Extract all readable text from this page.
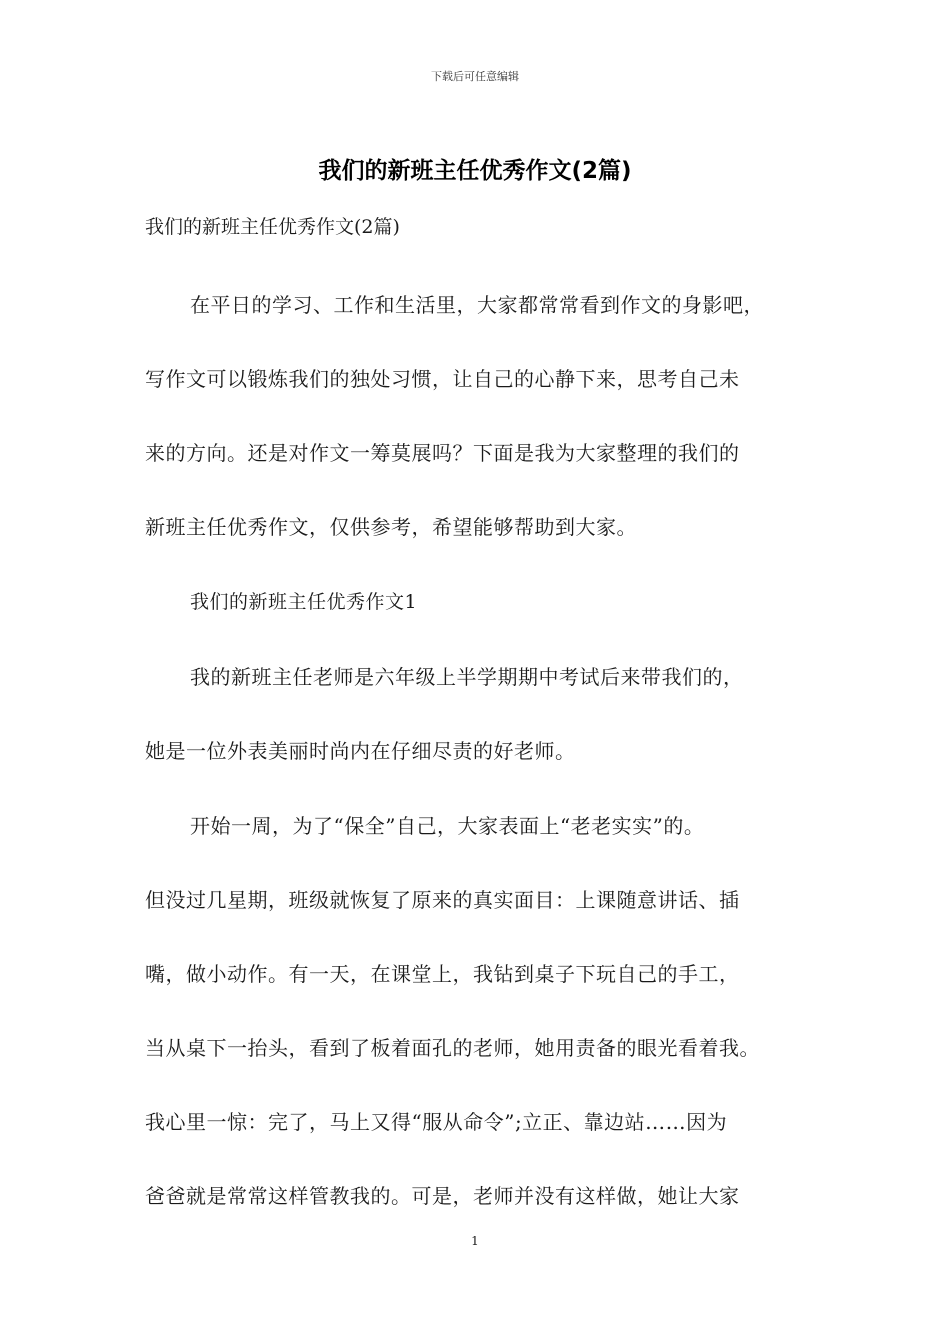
下载后可任意编辑
我们的新班主任优秀作文(2篇)
我们的新班主任优秀作文(2篇)
在平日的学习、工作和生活里，大家都常常看到作文的身影吧，
写作文可以锻炼我们的独处习惯，让自己的心静下来，思考自己未
来的方向。还是对作文一筹莫展吗？下面是我为大家整理的我们的
新班主任优秀作文，仅供参考，希望能够帮助到大家。
我们的新班主任优秀作文1
我的新班主任老师是六年级上半学期期中考试后来带我们的，
她是一位外表美丽时尚内在仔细尽责的好老师。
开始一周，为了“保全”自己，大家表面上“老老实实”的。
但没过几星期，班级就恢复了原来的真实面目：上课随意讲话、插
嘴，做小动作。有一天，在课堂上，我钻到桌子下玩自己的手工，
当从桌下一抬头，看到了板着面孔的老师，她用责备的眼光看着我。
我心里一惊：完了，马上又得“服从命令”;立正、靠边站……因为
爸爸就是常常这样管教我的。可是，老师并没有这样做，她让大家
1
